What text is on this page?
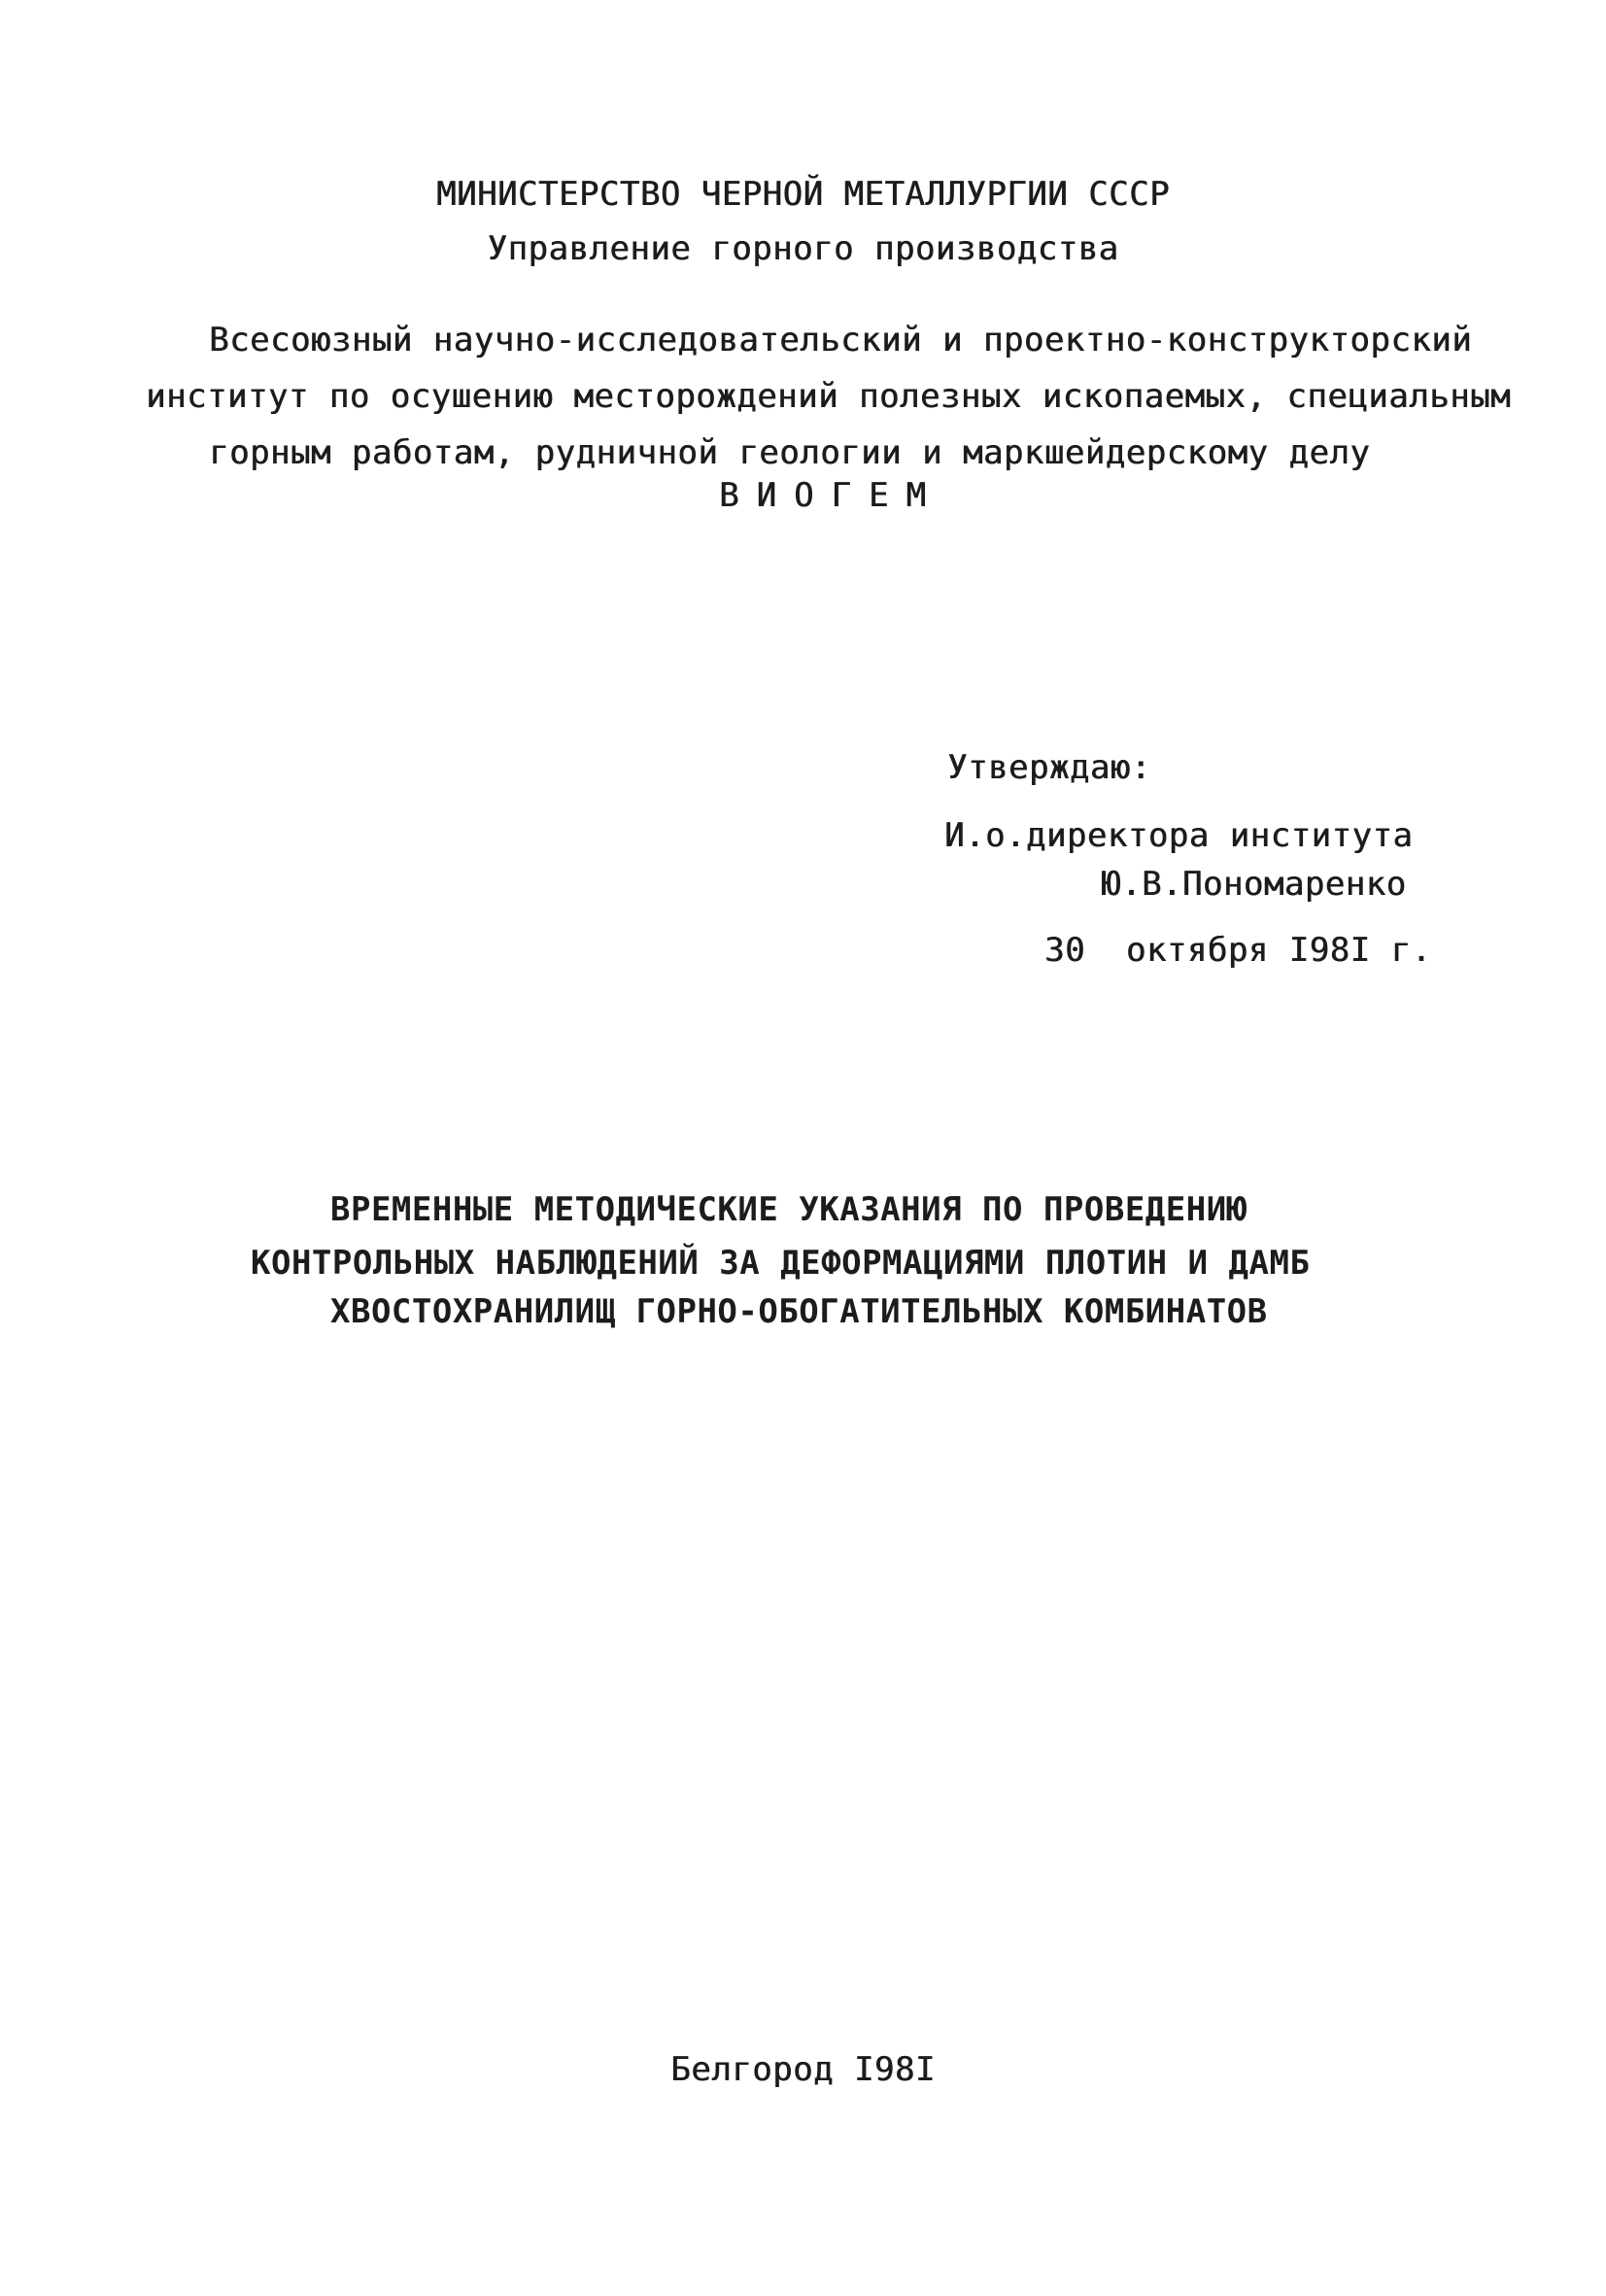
МИНИСТЕРСТВО ЧЕРНОЙ МЕТАЛЛУРГИИ СССР
Управление горного производства
Всесоюзный научно-исследовательский и проектно-конструкторский
институт по осушению месторождений полезных ископаемых, специальным
горным работам, рудничной геологии и маркшейдерскому делу
ВИОГЕМ
Утверждаю:
И.о.директора института
Ю.В.Пономаренко
30  октября I98I г.
ВРЕМЕННЫЕ МЕТОДИЧЕСКИЕ УКАЗАНИЯ ПО ПРОВЕДЕНИЮ
КОНТРОЛЬНЫХ НАБЛЮДЕНИЙ ЗА ДЕФОРМАЦИЯМИ ПЛОТИН И ДАМБ
ХВОСТОХРАНИЛИЩ ГОРНО-ОБОГАТИТЕЛЬНЫХ КОМБИНАТОВ
Белгород I98I
